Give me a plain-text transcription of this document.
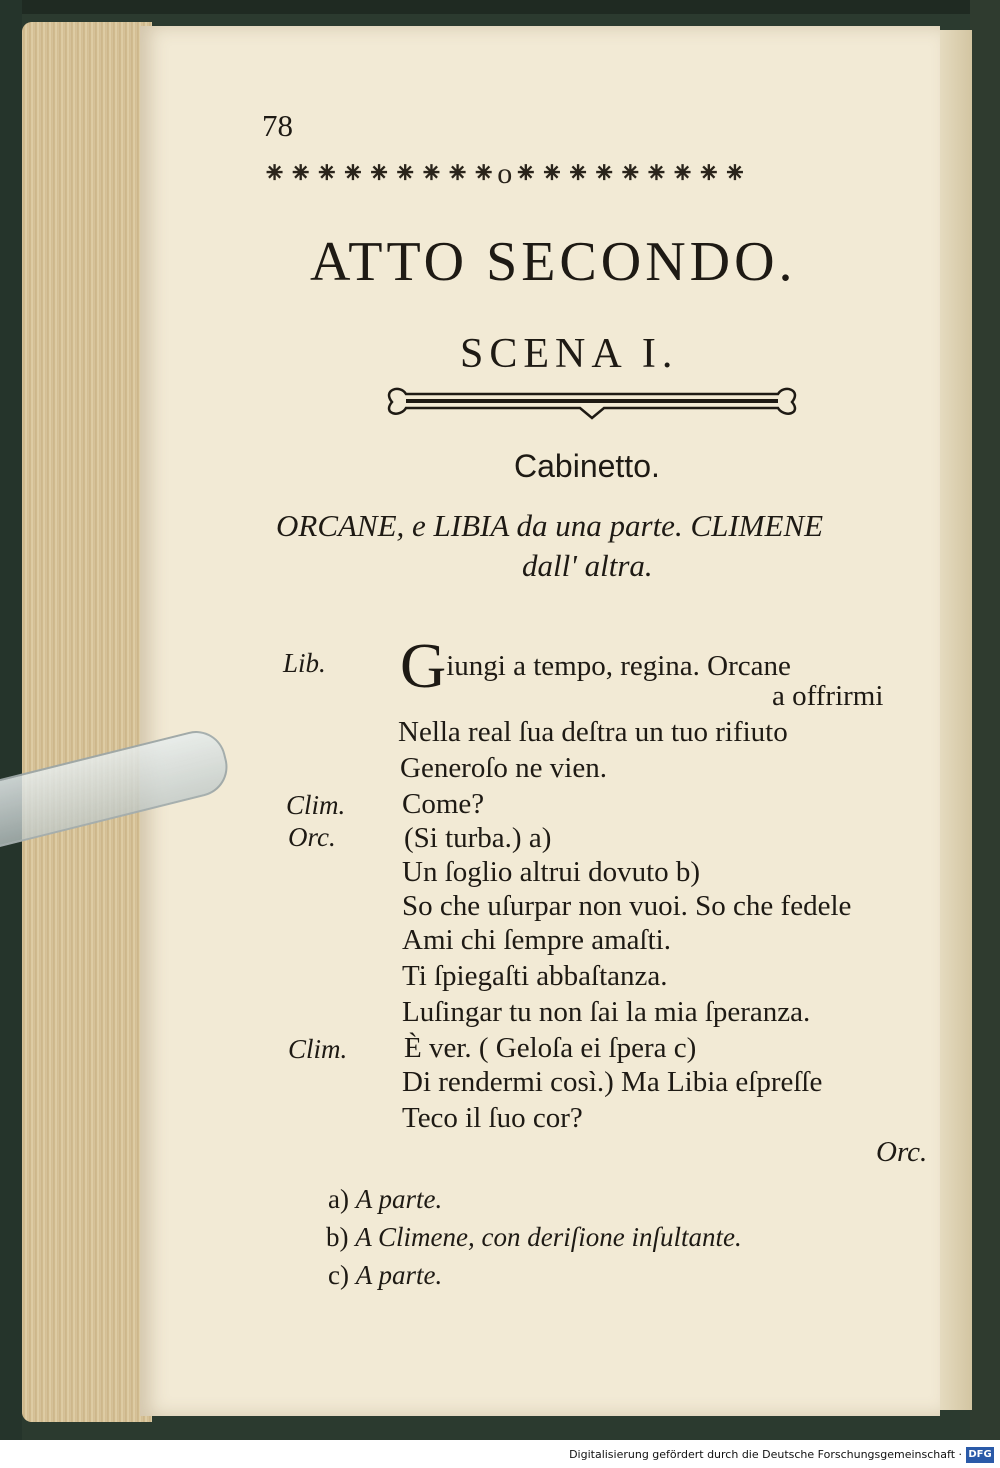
78
⁕⁕⁕⁕⁕⁕⁕⁕⁕o⁕⁕⁕⁕⁕⁕⁕⁕⁕
ATTO SECONDO.
SCENA I.
Cabinetto.
ORCANE, e LIBIA da una parte. CLIMENE
dall' altra.
Lib. Giungi a tempo, regina. Orcane
a offrirmi
Nella real ſua deſtra un tuo rifiuto
Generoſo ne vien.
Clim. Come?
Orc. (Si turba.) a)
Un ſoglio altrui dovuto b)
So che uſurpar non vuoi. So che fedele
Ami chi ſempre amaſti.
Ti ſpiegaſti abbaſtanza.
Luſingar tu non ſai la mia ſperanza.
Clim. È ver. ( Geloſa ei ſpera c)
Di rendermi così.) Ma Libia eſpreſſe
Teco il ſuo cor?
Orc.
a) A parte.
b) A Climene, con deriſione inſultante.
c) A parte.
Digitalisierung gefördert durch die Deutsche Forschungsgemeinschaft · DFG
